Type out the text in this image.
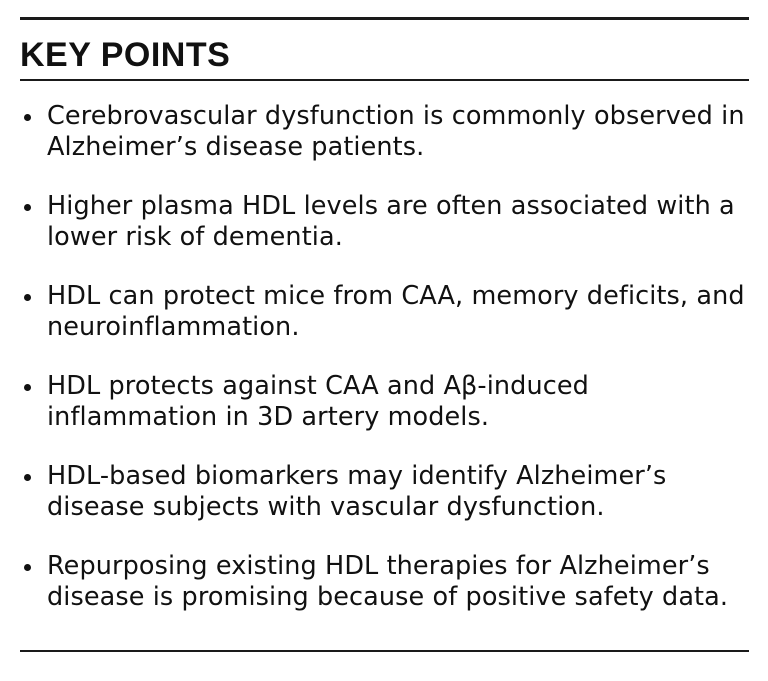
KEY POINTS
Cerebrovascular dysfunction is commonly observed in Alzheimer’s disease patients.
Higher plasma HDL levels are often associated with a lower risk of dementia.
HDL can protect mice from CAA, memory deficits, and neuroinflammation.
HDL protects against CAA and Aβ-induced inflammation in 3D artery models.
HDL-based biomarkers may identify Alzheimer’s disease subjects with vascular dysfunction.
Repurposing existing HDL therapies for Alzheimer’s disease is promising because of positive safety data.
